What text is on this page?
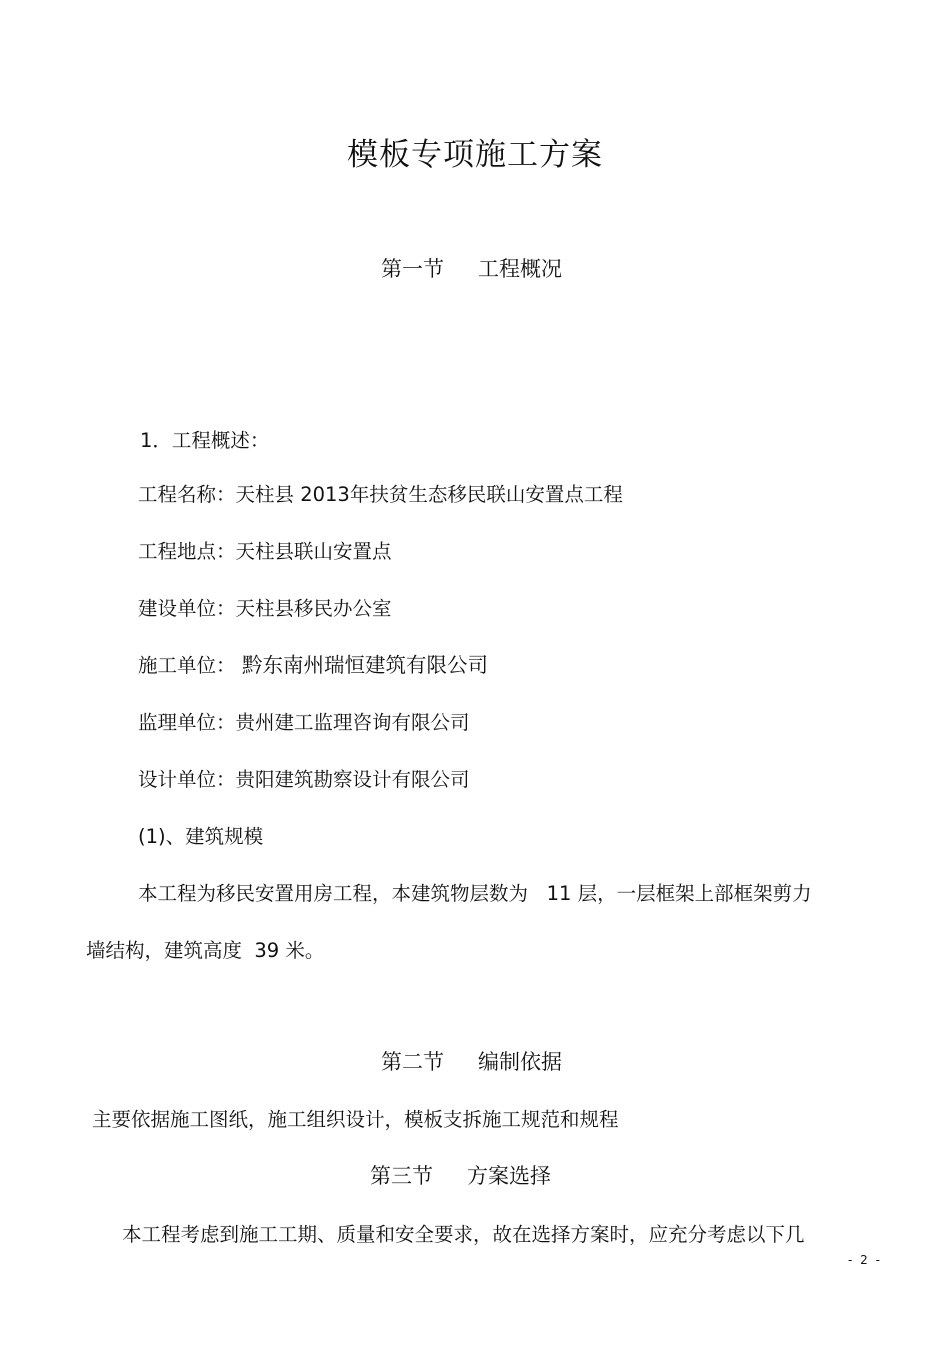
模板专项施工方案
第一节 工程概况
1．工程概述：
工程名称：天柱县 2013年扶贫生态移民联山安置点工程
工程地点：天柱县联山安置点
建设单位：天柱县移民办公室
施工单位： 黔东南州瑞恒建筑有限公司
监理单位：贵州建工监理咨询有限公司
设计单位：贵阳建筑勘察设计有限公司
(1)、建筑规模
本工程为移民安置用房工程，本建筑物层数为   11 层，一层框架上部框架剪力
墙结构，建筑高度  39 米。
第二节 编制依据
主要依据施工图纸，施工组织设计，模板支拆施工规范和规程
第三节 方案选择
本工程考虑到施工工期、质量和安全要求，故在选择方案时，应充分考虑以下几
- 2 -
